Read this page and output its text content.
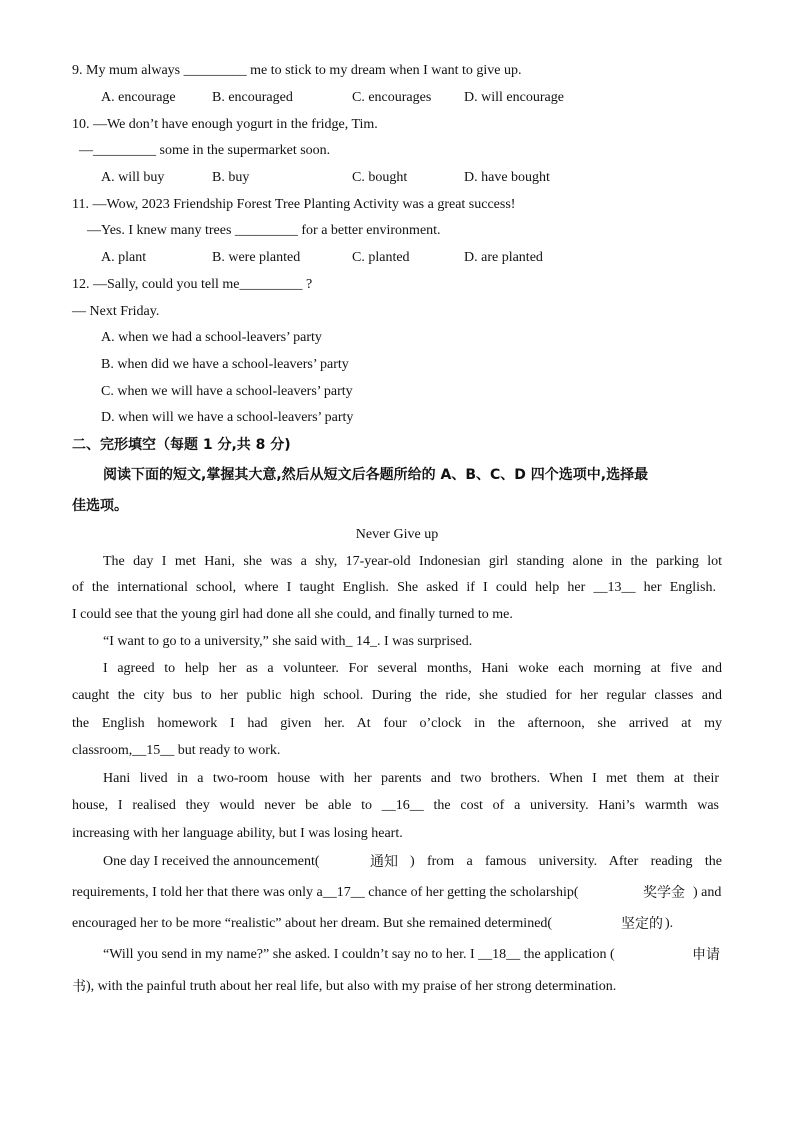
9. My mum always _________ me to stick to my dream when I want to give up.
A. encourage	B. encouraged	C. encourages D. will encourage
10. —We don’t have enough yogurt in the fridge, Tim.
—_________ some in the supermarket soon.
A. will buy	B. buy	C. bought	D. have bought
11. —Wow, 2023 Friendship Forest Tree Planting Activity was a great success!
—Yes. I knew many trees _________ for a better environment.
A. plant	B. were planted	C. planted	D. are planted
12. —Sally, could you tell me_________ ?
— Next Friday.
A. when we had a school-leavers’ party
B. when did we have a school-leavers’ party
C. when we will have a school-leavers’ party
D. when will we have a school-leavers’ party
二、完形填空（每题 1 分,共 8 分)
阅读下面的短文,掌握其大意,然后从短文后各题所给的 A、B、C、D 四个选项中,选择最
佳选项。
Never Give up
The day I met Hani, she was a shy, 17-year-old Indonesian girl standing alone in the parking lot
of the international school, where I taught English. She asked if I could help her __13__ her English.
I could see that the young girl had done all she could, and finally turned to me.
“I want to go to a university,” she said with_ 14_. I was surprised.
I agreed to help her as a volunteer. For several months, Hani woke each morning at five and
caught the city bus to her public high school. During the ride, she studied for her regular classes and
the English homework I had given her. At four o’clock in the afternoon, she arrived at my
classroom,__15__ but ready to work.
Hani lived in a two-room house with her parents and two brothers. When I met them at their
house, I realised they would never be able to __16__ the cost of a university. Hani’s warmth was
increasing with her language ability, but I was losing heart.
One day I received the announcement(	通知 ) from a famous university. After reading the
requirements, I told her that there was only a__17__ chance of her getting the scholarship(	奖学金 ) and
encouraged her to be more “realistic” about her dream. But she remained determined(	坚定的 ).
“Will you send in my name?” she asked. I couldn’t say no to her. I __18__ the application (	申请
书 ), with the painful truth about her real life, but also with my praise of her strong determination.
